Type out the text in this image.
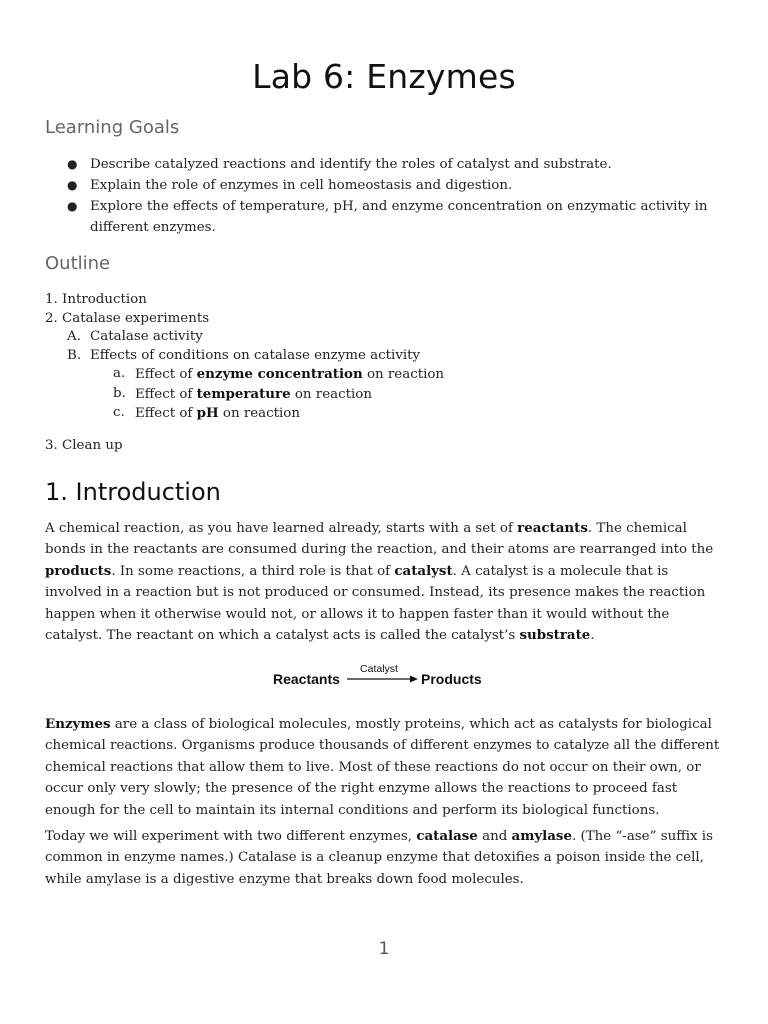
Lab 6: Enzymes
Learning Goals
● Describe catalyzed reactions and identify the roles of catalyst and substrate.
● Explain the role of enzymes in cell homeostasis and digestion.
● Explore the effects of temperature, pH, and enzyme concentration on enzymatic activity in different enzymes.
Outline
1. Introduction
2. Catalase experiments
A. Catalase activity
B. Effects of conditions on catalase enzyme activity
a. Effect of enzyme concentration on reaction
b. Effect of temperature on reaction
c. Effect of pH on reaction
3. Clean up
1. Introduction

A chemical reaction, as you have learned already, starts with a set of reactants. The chemical bonds in the reactants are consumed during the reaction, and their atoms are rearranged into the products. In some reactions, a third role is that of catalyst. A catalyst is a molecule that is involved in a reaction but is not produced or consumed. Instead, its presence makes the reaction happen when it otherwise would not, or allows it to happen faster than it would without the catalyst. The reactant on which a catalyst acts is called the catalyst’s substrate.

Reactants
Catalyst
Products

Enzymes are a class of biological molecules, mostly proteins, which act as catalysts for biological chemical reactions. Organisms produce thousands of different enzymes to catalyze all the different chemical reactions that allow them to live. Most of these reactions do not occur on their own, or occur only very slowly; the presence of the right enzyme allows the reactions to proceed fast enough for the cell to maintain its internal conditions and perform its biological functions.

Today we will experiment with two different enzymes, catalase and amylase. (The “-ase” suffix is common in enzyme names.) Catalase is a cleanup enzyme that detoxifies a poison inside the cell, while amylase is a digestive enzyme that breaks down food molecules.

1
